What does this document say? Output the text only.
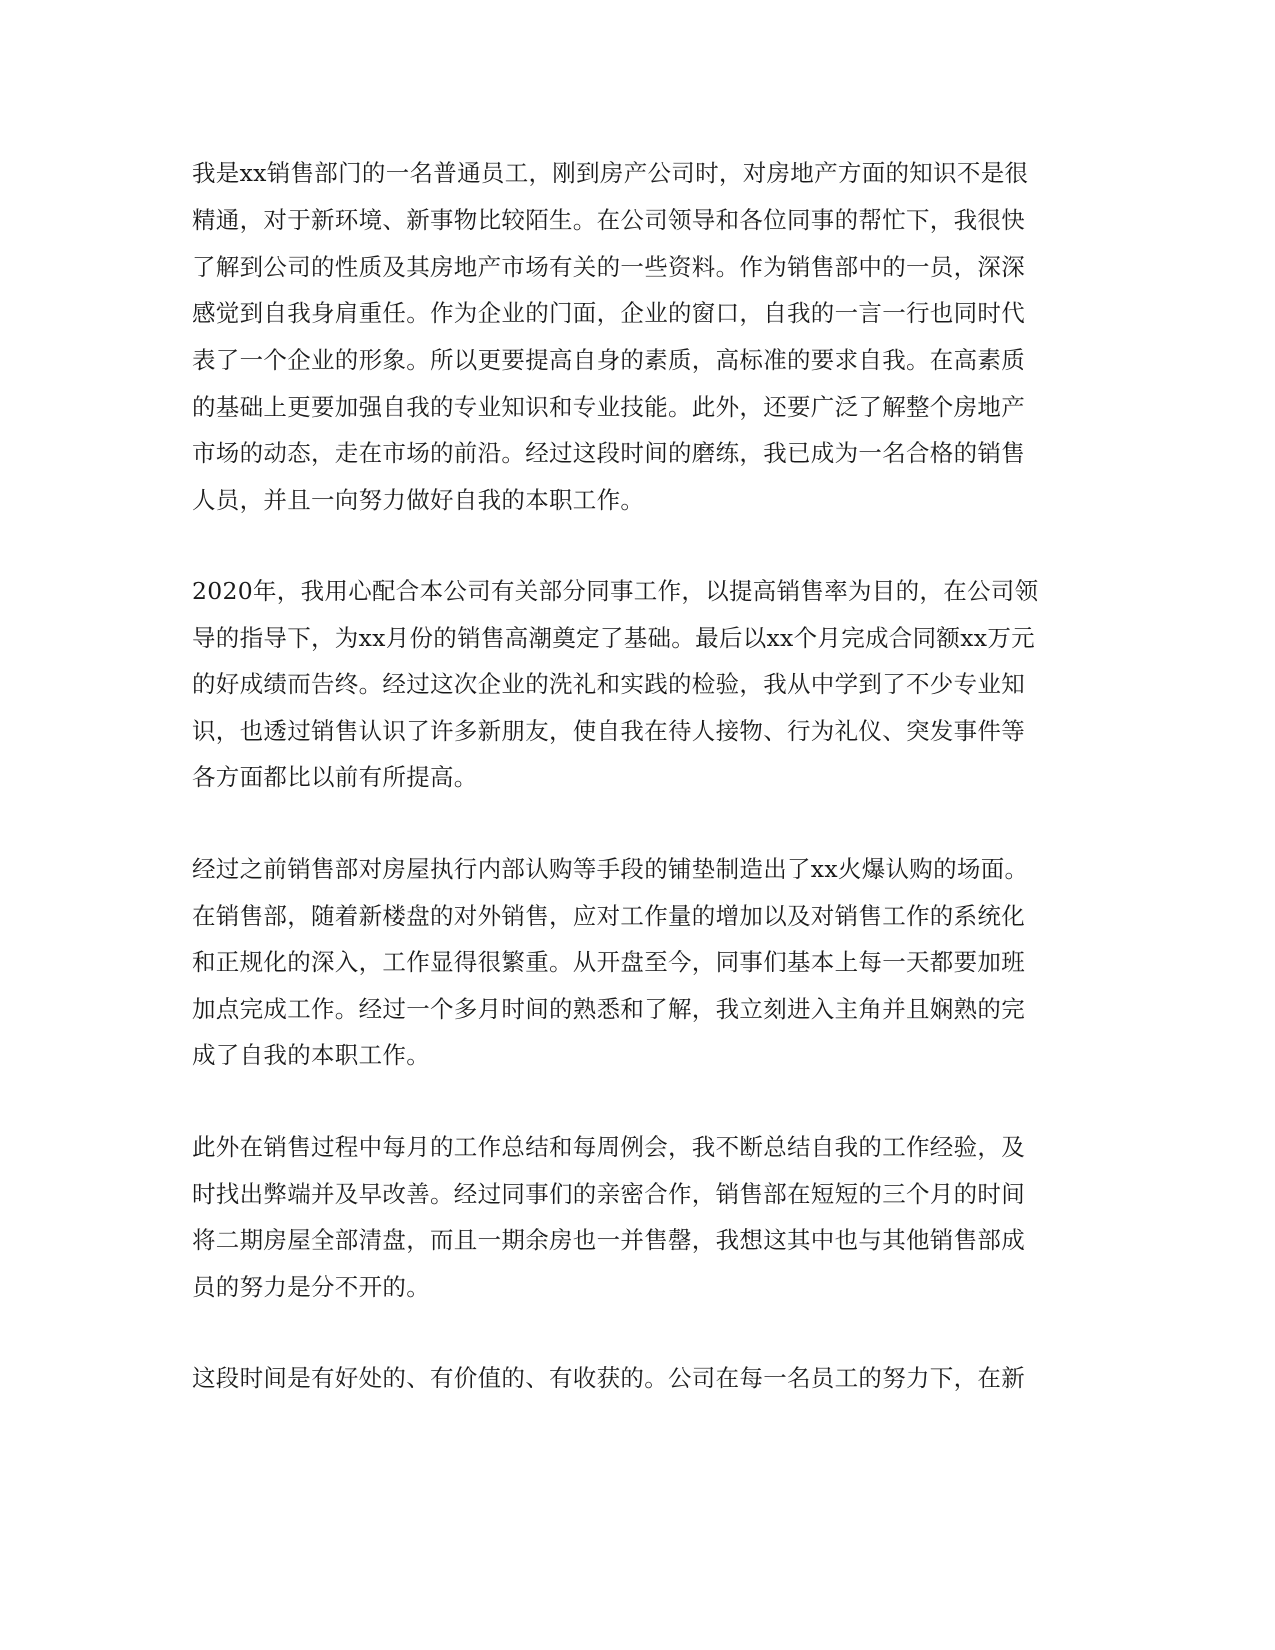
我是xx销售部门的一名普通员工，刚到房产公司时，对房地产方面的知识不是很

精通，对于新环境、新事物比较陌生。在公司领导和各位同事的帮忙下，我很快

了解到公司的性质及其房地产市场有关的一些资料。作为销售部中的一员，深深

感觉到自我身肩重任。作为企业的门面，企业的窗口，自我的一言一行也同时代

表了一个企业的形象。所以更要提高自身的素质，高标准的要求自我。在高素质

的基础上更要加强自我的专业知识和专业技能。此外，还要广泛了解整个房地产

市场的动态，走在市场的前沿。经过这段时间的磨练，我已成为一名合格的销售

人员，并且一向努力做好自我的本职工作。

2020年，我用心配合本公司有关部分同事工作，以提高销售率为目的，在公司领

导的指导下，为xx月份的销售高潮奠定了基础。最后以xx个月完成合同额xx万元

的好成绩而告终。经过这次企业的洗礼和实践的检验，我从中学到了不少专业知

识，也透过销售认识了许多新朋友，使自我在待人接物、行为礼仪、突发事件等

各方面都比以前有所提高。

经过之前销售部对房屋执行内部认购等手段的铺垫制造出了xx火爆认购的场面。

在销售部，随着新楼盘的对外销售，应对工作量的增加以及对销售工作的系统化

和正规化的深入，工作显得很繁重。从开盘至今，同事们基本上每一天都要加班

加点完成工作。经过一个多月时间的熟悉和了解，我立刻进入主角并且娴熟的完

成了自我的本职工作。

此外在销售过程中每月的工作总结和每周例会，我不断总结自我的工作经验，及

时找出弊端并及早改善。经过同事们的亲密合作，销售部在短短的三个月的时间

将二期房屋全部清盘，而且一期余房也一并售罄，我想这其中也与其他销售部成

员的努力是分不开的。

这段时间是有好处的、有价值的、有收获的。公司在每一名员工的努力下，在新
